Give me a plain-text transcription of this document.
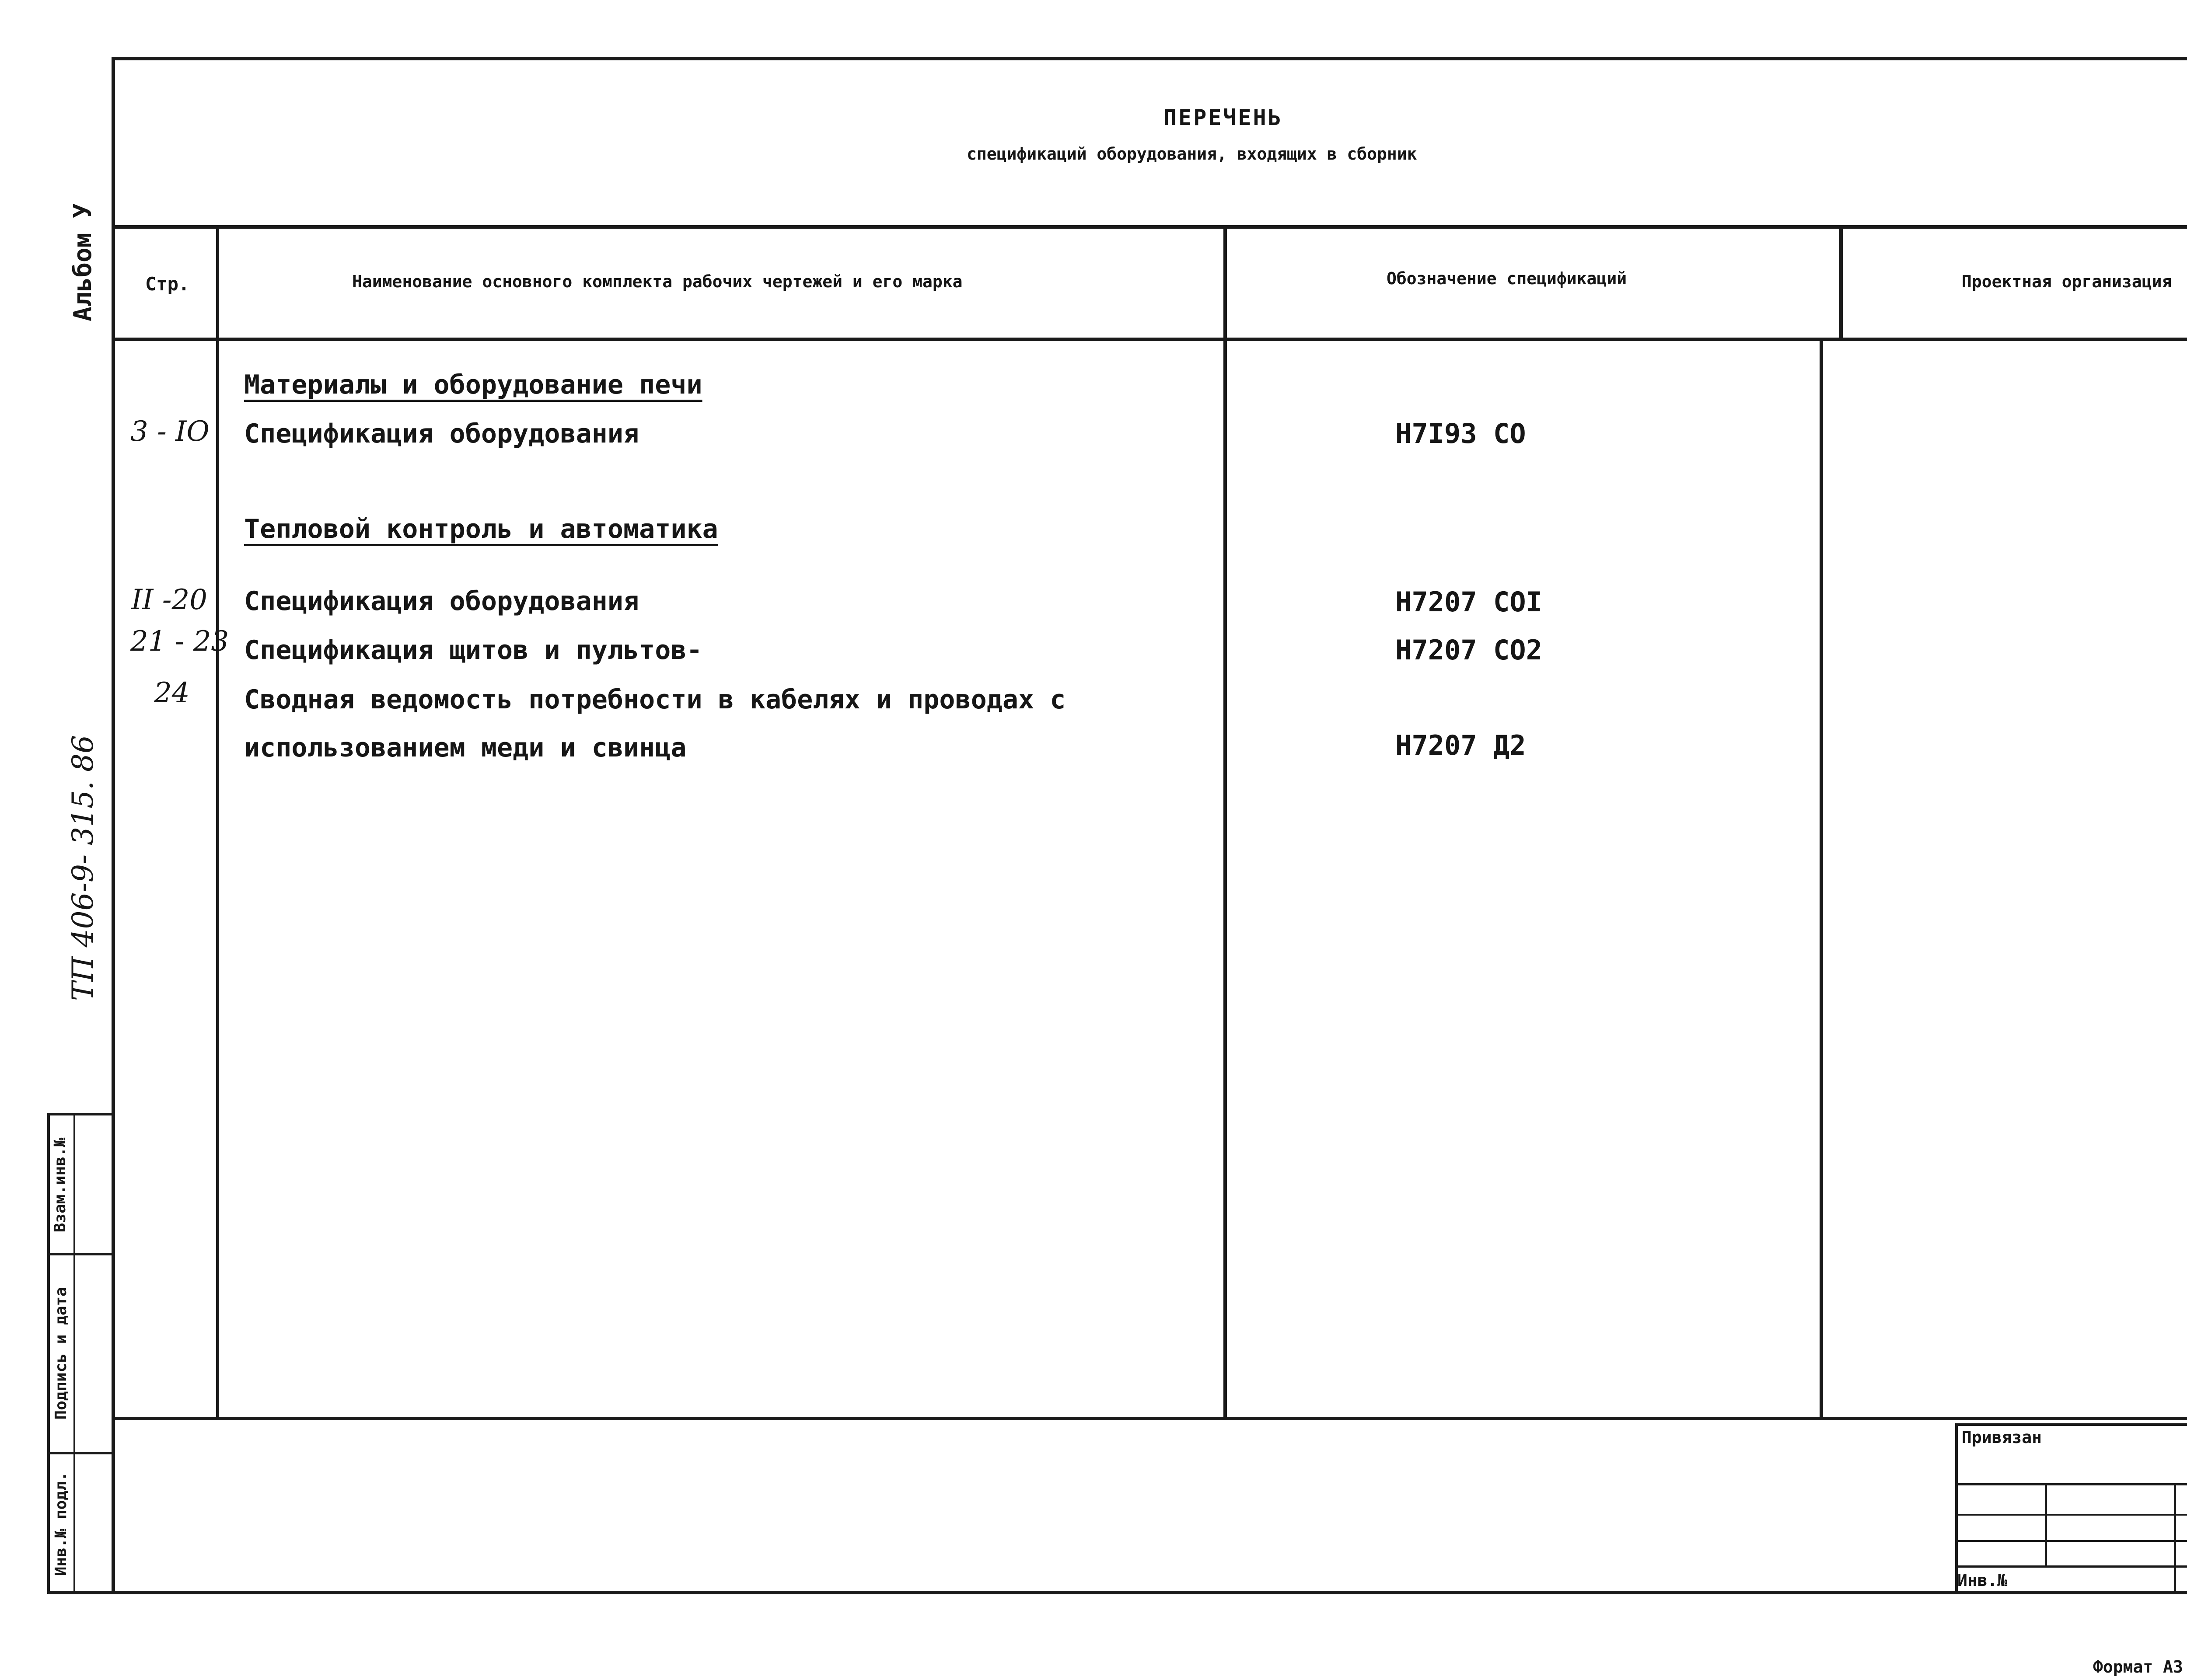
ПЕРЕЧЕНЬ
спецификаций оборудования, входящих в сборник
Стр.	Наименование основного комплекта рабочих чертежей и его марка	Обозначение спецификаций	Проектная организация
Материалы и оборудование печи
3 - IO Спецификация оборудования	Н7I93 СО
Тепловой контроль и автоматика
II -20 Спецификация оборудования	Н7207 СОI
21 - 23 Спецификация щитов и пультов-	Н7207 СО2
24 Сводная ведомость потребности в кабелях и проводах с
использованием меди и свинца	Н7207 Д2
Альбом У
ТП 406-9- 315. 86
Взам.инв.№
Подпись и дата
Инв.№ подл.
Привязан
Инв.№
Формат А3
